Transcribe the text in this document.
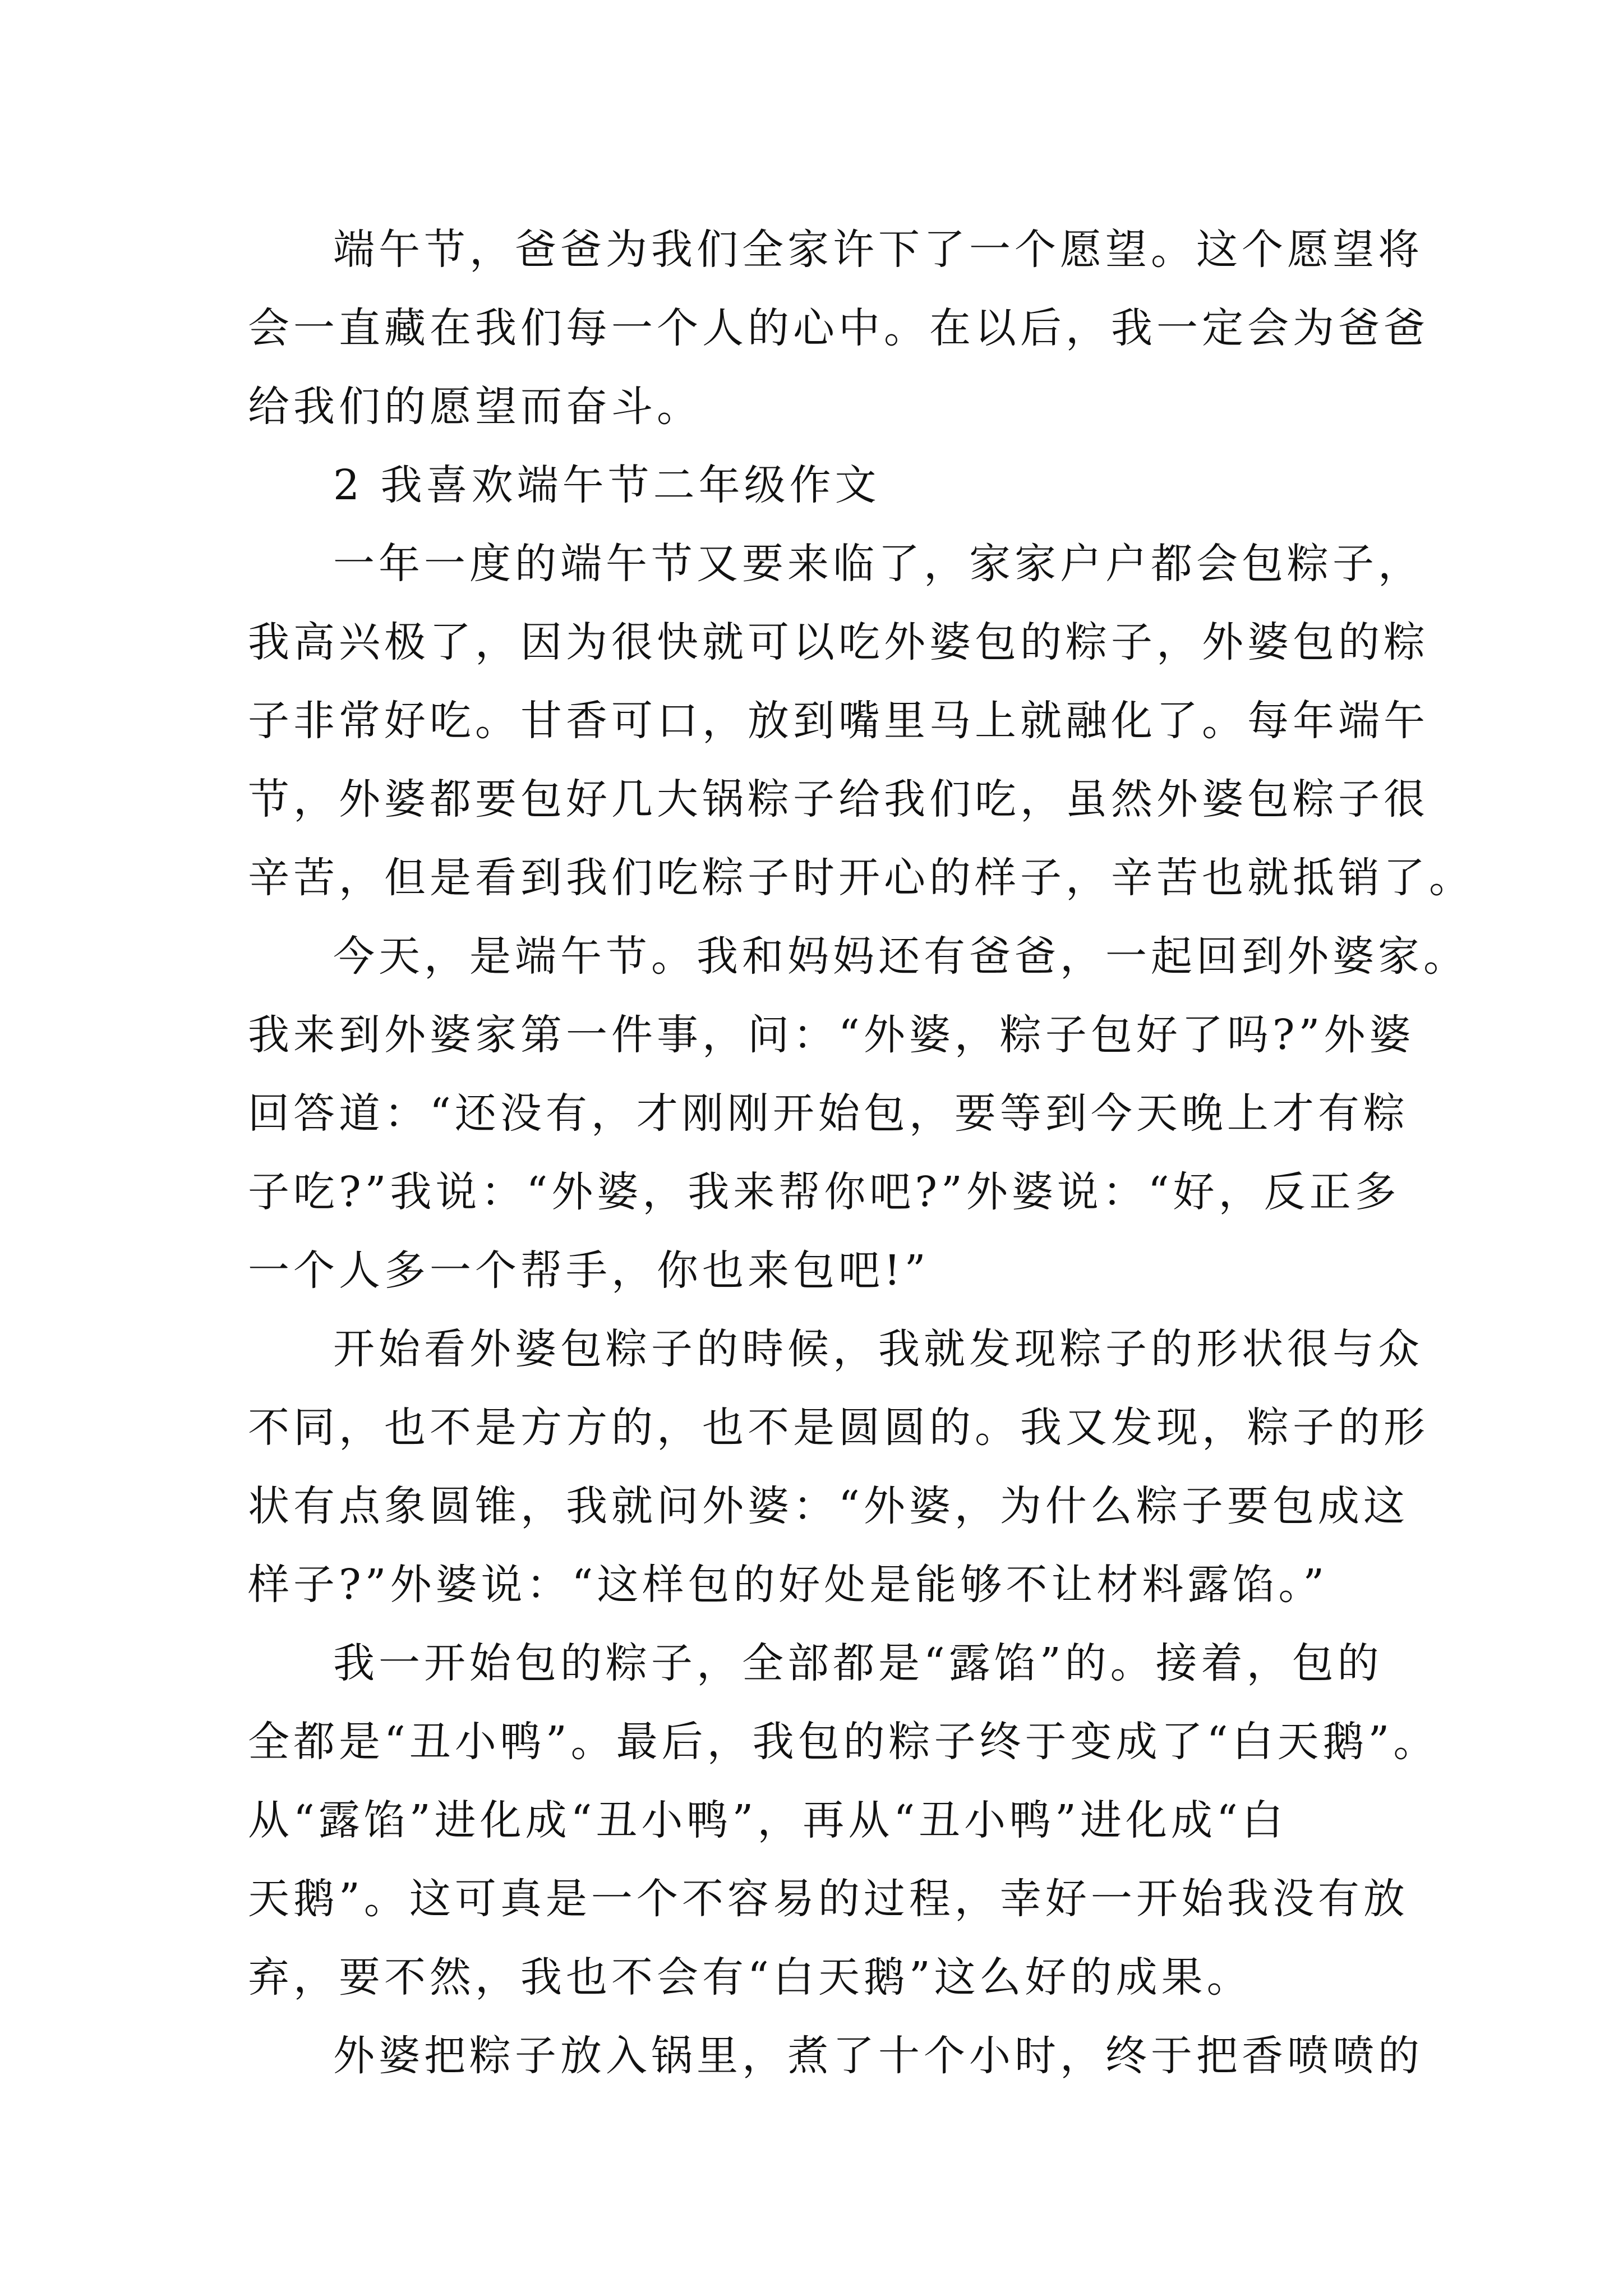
端午节，爸爸为我们全家许下了一个愿望。这个愿望将
会一直藏在我们每一个人的心中。在以后，我一定会为爸爸
给我们的愿望而奋斗。
2 我喜欢端午节二年级作文
一年一度的端午节又要来临了，家家户户都会包粽子，
我高兴极了，因为很快就可以吃外婆包的粽子，外婆包的粽
子非常好吃。甘香可口，放到嘴里马上就融化了。每年端午
节，外婆都要包好几大锅粽子给我们吃，虽然外婆包粽子很
辛苦，但是看到我们吃粽子时开心的样子，辛苦也就抵销了。
今天，是端午节。我和妈妈还有爸爸，一起回到外婆家。
我来到外婆家第一件事，问：“外婆，粽子包好了吗?”外婆
回答道：“还没有，才刚刚开始包，要等到今天晚上才有粽
子吃?”我说：“外婆，我来帮你吧?”外婆说：“好，反正多
一个人多一个帮手，你也来包吧!”
开始看外婆包粽子的時候，我就发现粽子的形状很与众
不同，也不是方方的，也不是圆圆的。我又发现，粽子的形
状有点象圆锥，我就问外婆：“外婆，为什么粽子要包成这
样子?”外婆说：“这样包的好处是能够不让材料露馅。”
我一开始包的粽子，全部都是“露馅”的。接着，包的
全都是“丑小鸭”。最后，我包的粽子终于变成了“白天鹅”。
从“露馅”进化成“丑小鸭”，再从“丑小鸭”进化成“白
天鹅”。这可真是一个不容易的过程，幸好一开始我没有放
弃，要不然，我也不会有“白天鹅”这么好的成果。
外婆把粽子放入锅里，煮了十个小时，终于把香喷喷的
